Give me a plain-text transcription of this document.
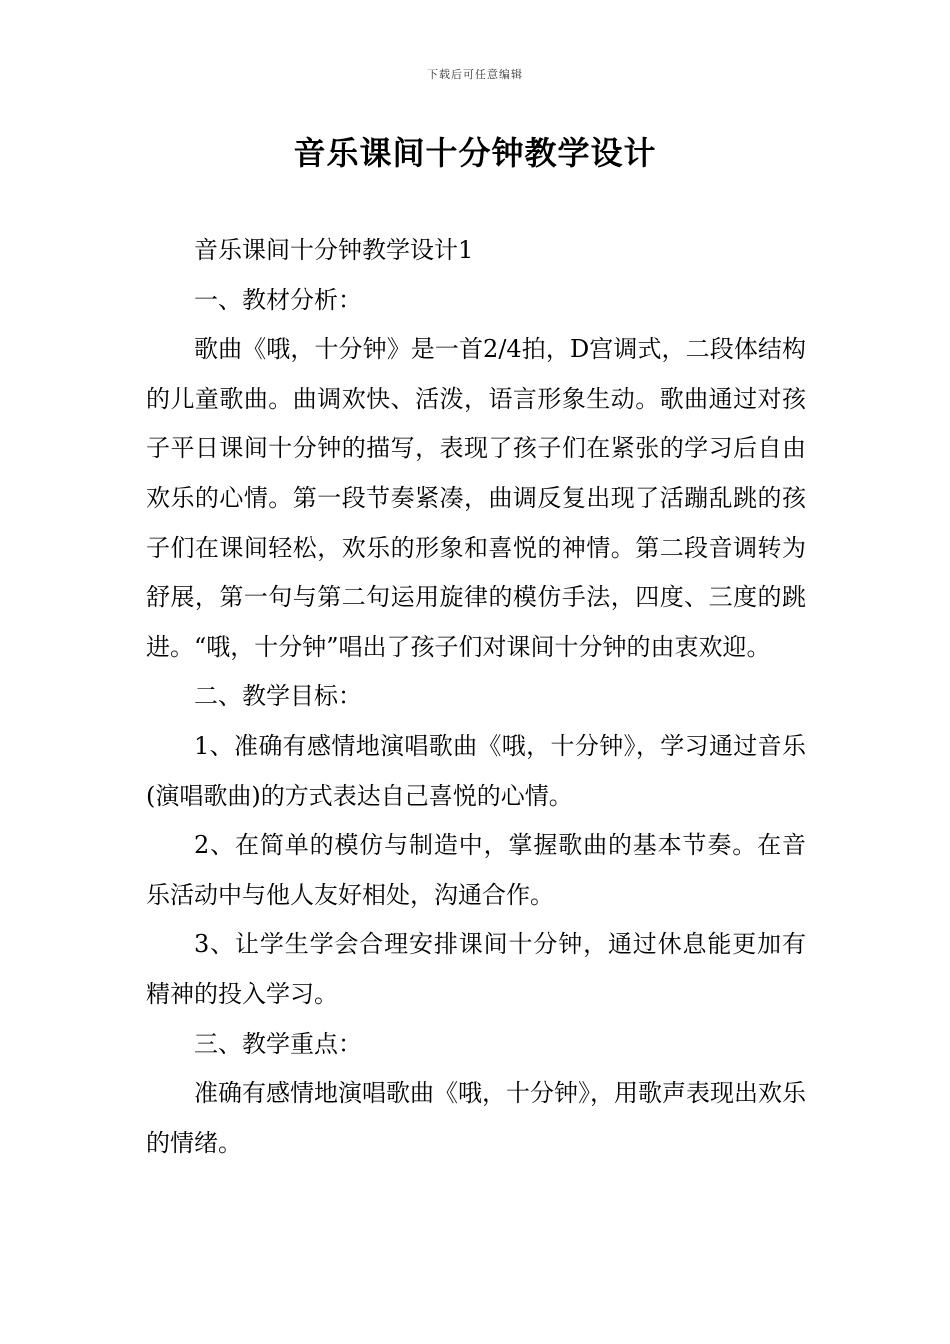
下载后可任意编辑
音乐课间十分钟教学设计

音乐课间十分钟教学设计1

一、教材分析：

歌曲《哦，十分钟》是一首2/4拍，D宫调式，二段体结构的儿童歌曲。曲调欢快、活泼，语言形象生动。歌曲通过对孩子平日课间十分钟的描写，表现了孩子们在紧张的学习后自由欢乐的心情。第一段节奏紧凑，曲调反复出现了活蹦乱跳的孩子们在课间轻松，欢乐的形象和喜悦的神情。第二段音调转为舒展，第一句与第二句运用旋律的模仿手法，四度、三度的跳进。“哦，十分钟”唱出了孩子们对课间十分钟的由衷欢迎。

二、教学目标：

1、准确有感情地演唱歌曲《哦，十分钟》，学习通过音乐(演唱歌曲)的方式表达自己喜悦的心情。

2、在简单的模仿与制造中，掌握歌曲的基本节奏。在音乐活动中与他人友好相处，沟通合作。

3、让学生学会合理安排课间十分钟，通过休息能更加有精神的投入学习。

三、教学重点：

准确有感情地演唱歌曲《哦，十分钟》，用歌声表现出欢乐的情绪。
